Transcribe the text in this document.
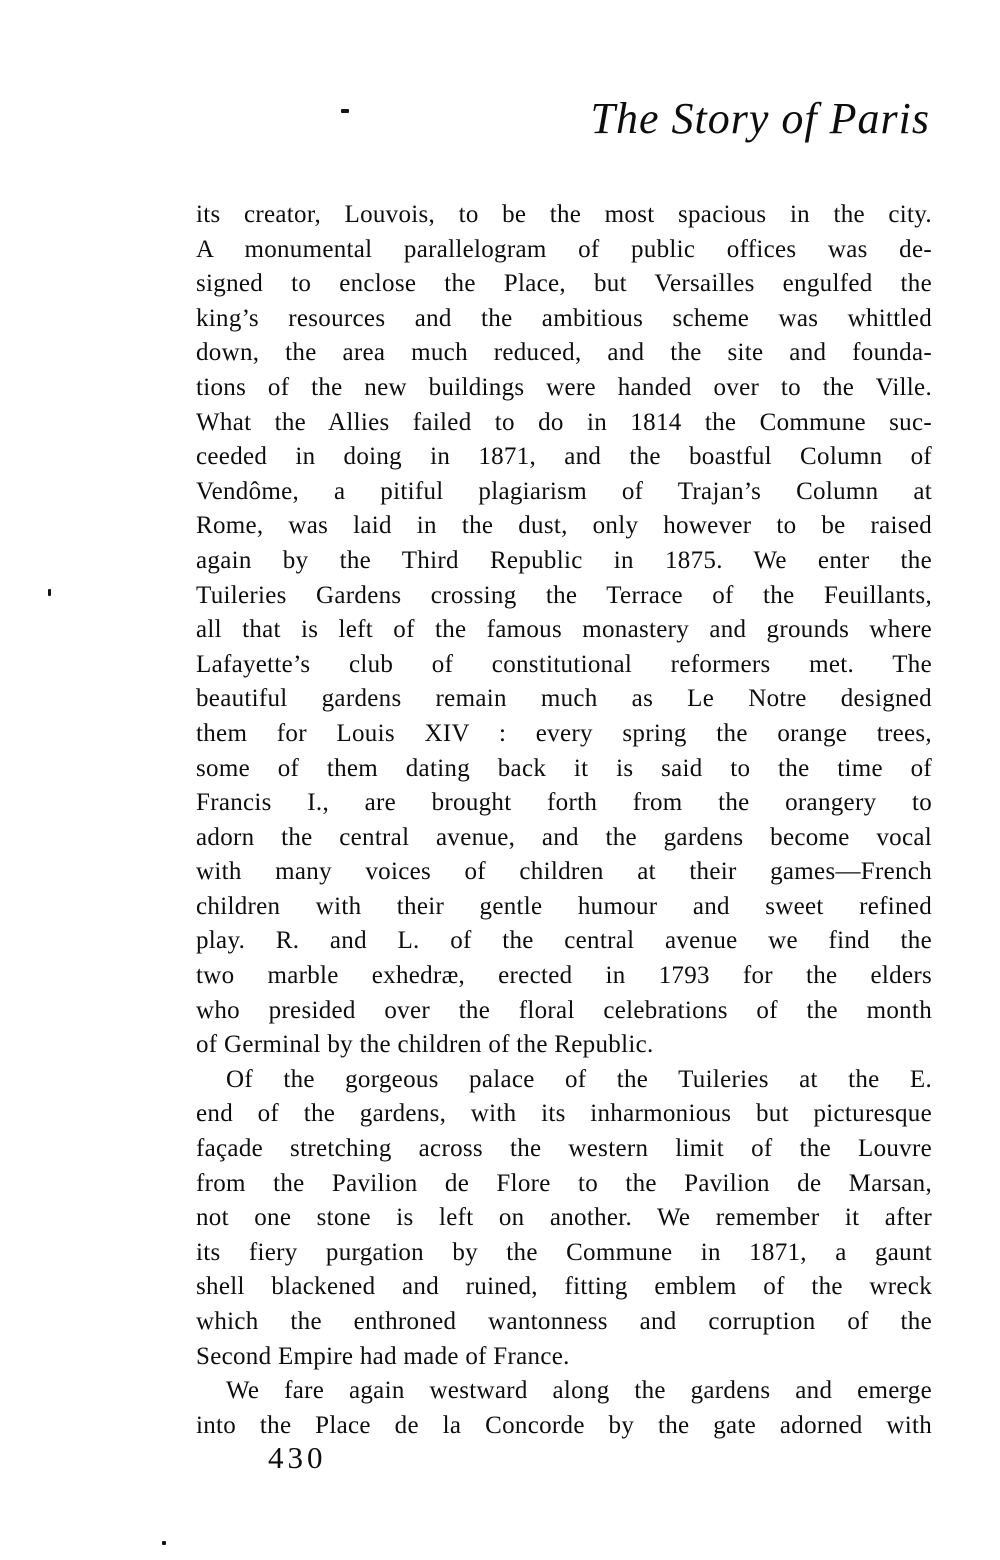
The Story of Paris
its creator, Louvois, to be the most spacious in the city.
A monumental parallelogram of public offices was de-
signed to enclose the Place, but Versailles engulfed the
king’s resources and the ambitious scheme was whittled
down, the area much reduced, and the site and founda-
tions of the new buildings were handed over to the Ville.
What the Allies failed to do in 1814 the Commune suc-
ceeded in doing in 1871, and the boastful Column of
Vendôme, a pitiful plagiarism of Trajan’s Column at
Rome, was laid in the dust, only however to be raised
again by the Third Republic in 1875. We enter the
Tuileries Gardens crossing the Terrace of the Feuillants,
all that is left of the famous monastery and grounds where
Lafayette’s club of constitutional reformers met. The
beautiful gardens remain much as Le Notre designed
them for Louis XIV : every spring the orange trees,
some of them dating back it is said to the time of
Francis I., are brought forth from the orangery to
adorn the central avenue, and the gardens become vocal
with many voices of children at their games—French
children with their gentle humour and sweet refined
play. R. and L. of the central avenue we find the
two marble exhedræ, erected in 1793 for the elders
who presided over the floral celebrations of the month
of Germinal by the children of the Republic.
Of the gorgeous palace of the Tuileries at the E.
end of the gardens, with its inharmonious but picturesque
façade stretching across the western limit of the Louvre
from the Pavilion de Flore to the Pavilion de Marsan,
not one stone is left on another. We remember it after
its fiery purgation by the Commune in 1871, a gaunt
shell blackened and ruined, fitting emblem of the wreck
which the enthroned wantonness and corruption of the
Second Empire had made of France.
We fare again westward along the gardens and emerge
into the Place de la Concorde by the gate adorned with
430
